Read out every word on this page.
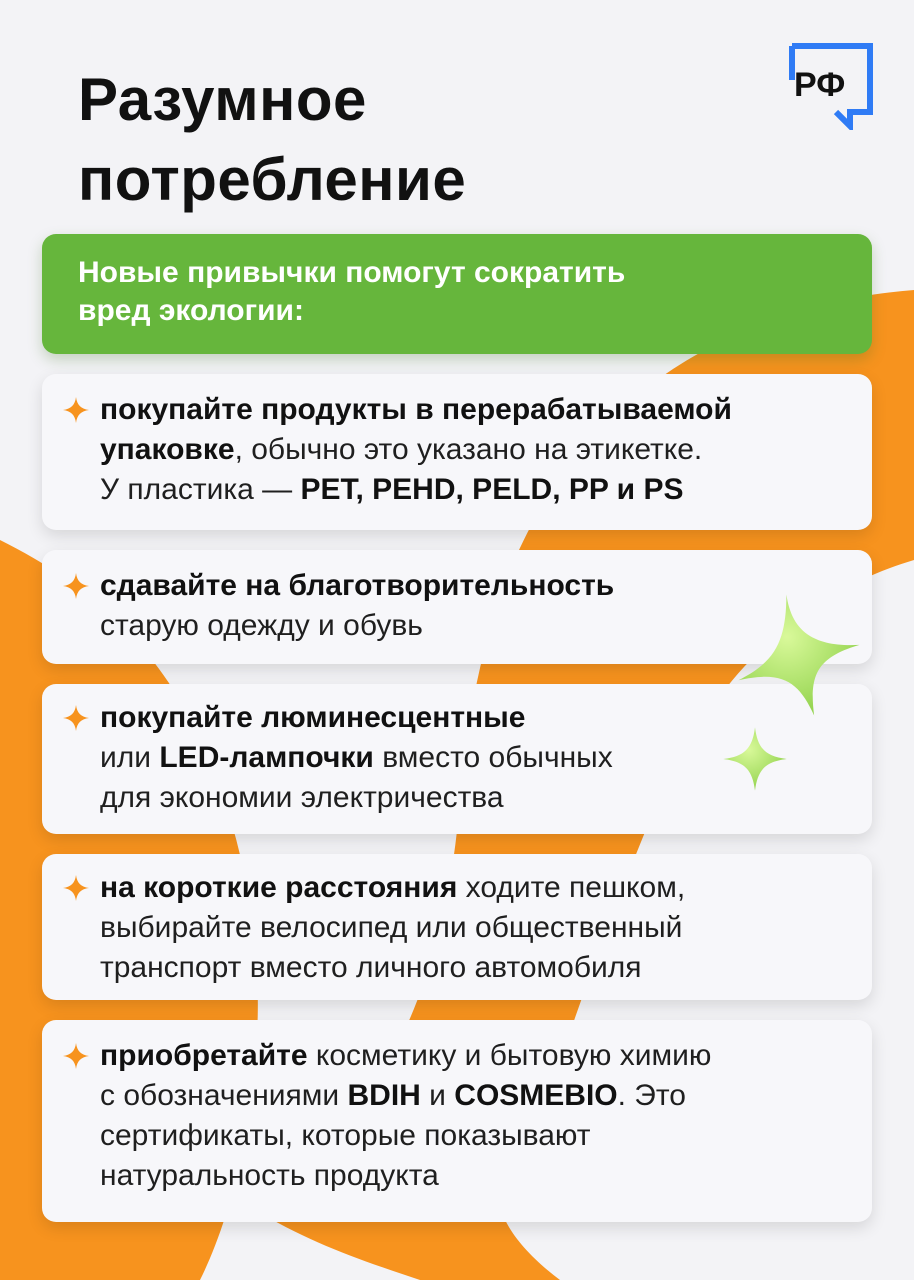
Разумное
потребление
РФ
Новые привычки помогут сократить
вред экологии:
покупайте продукты в перерабатываемой
упаковке, обычно это указано на этикетке.
У пластика — PET, PEHD, PELD, PP и PS
сдавайте на благотворительность
старую одежду и обувь
покупайте люминесцентные
или LED-лампочки вместо обычных
для экономии электричества
на короткие расстояния ходите пешком,
выбирайте велосипед или общественный
транспорт вместо личного автомобиля
приобретайте косметику и бытовую химию
с обозначениями BDIH и COSMEBIO. Это
сертификаты, которые показывают
натуральность продукта
